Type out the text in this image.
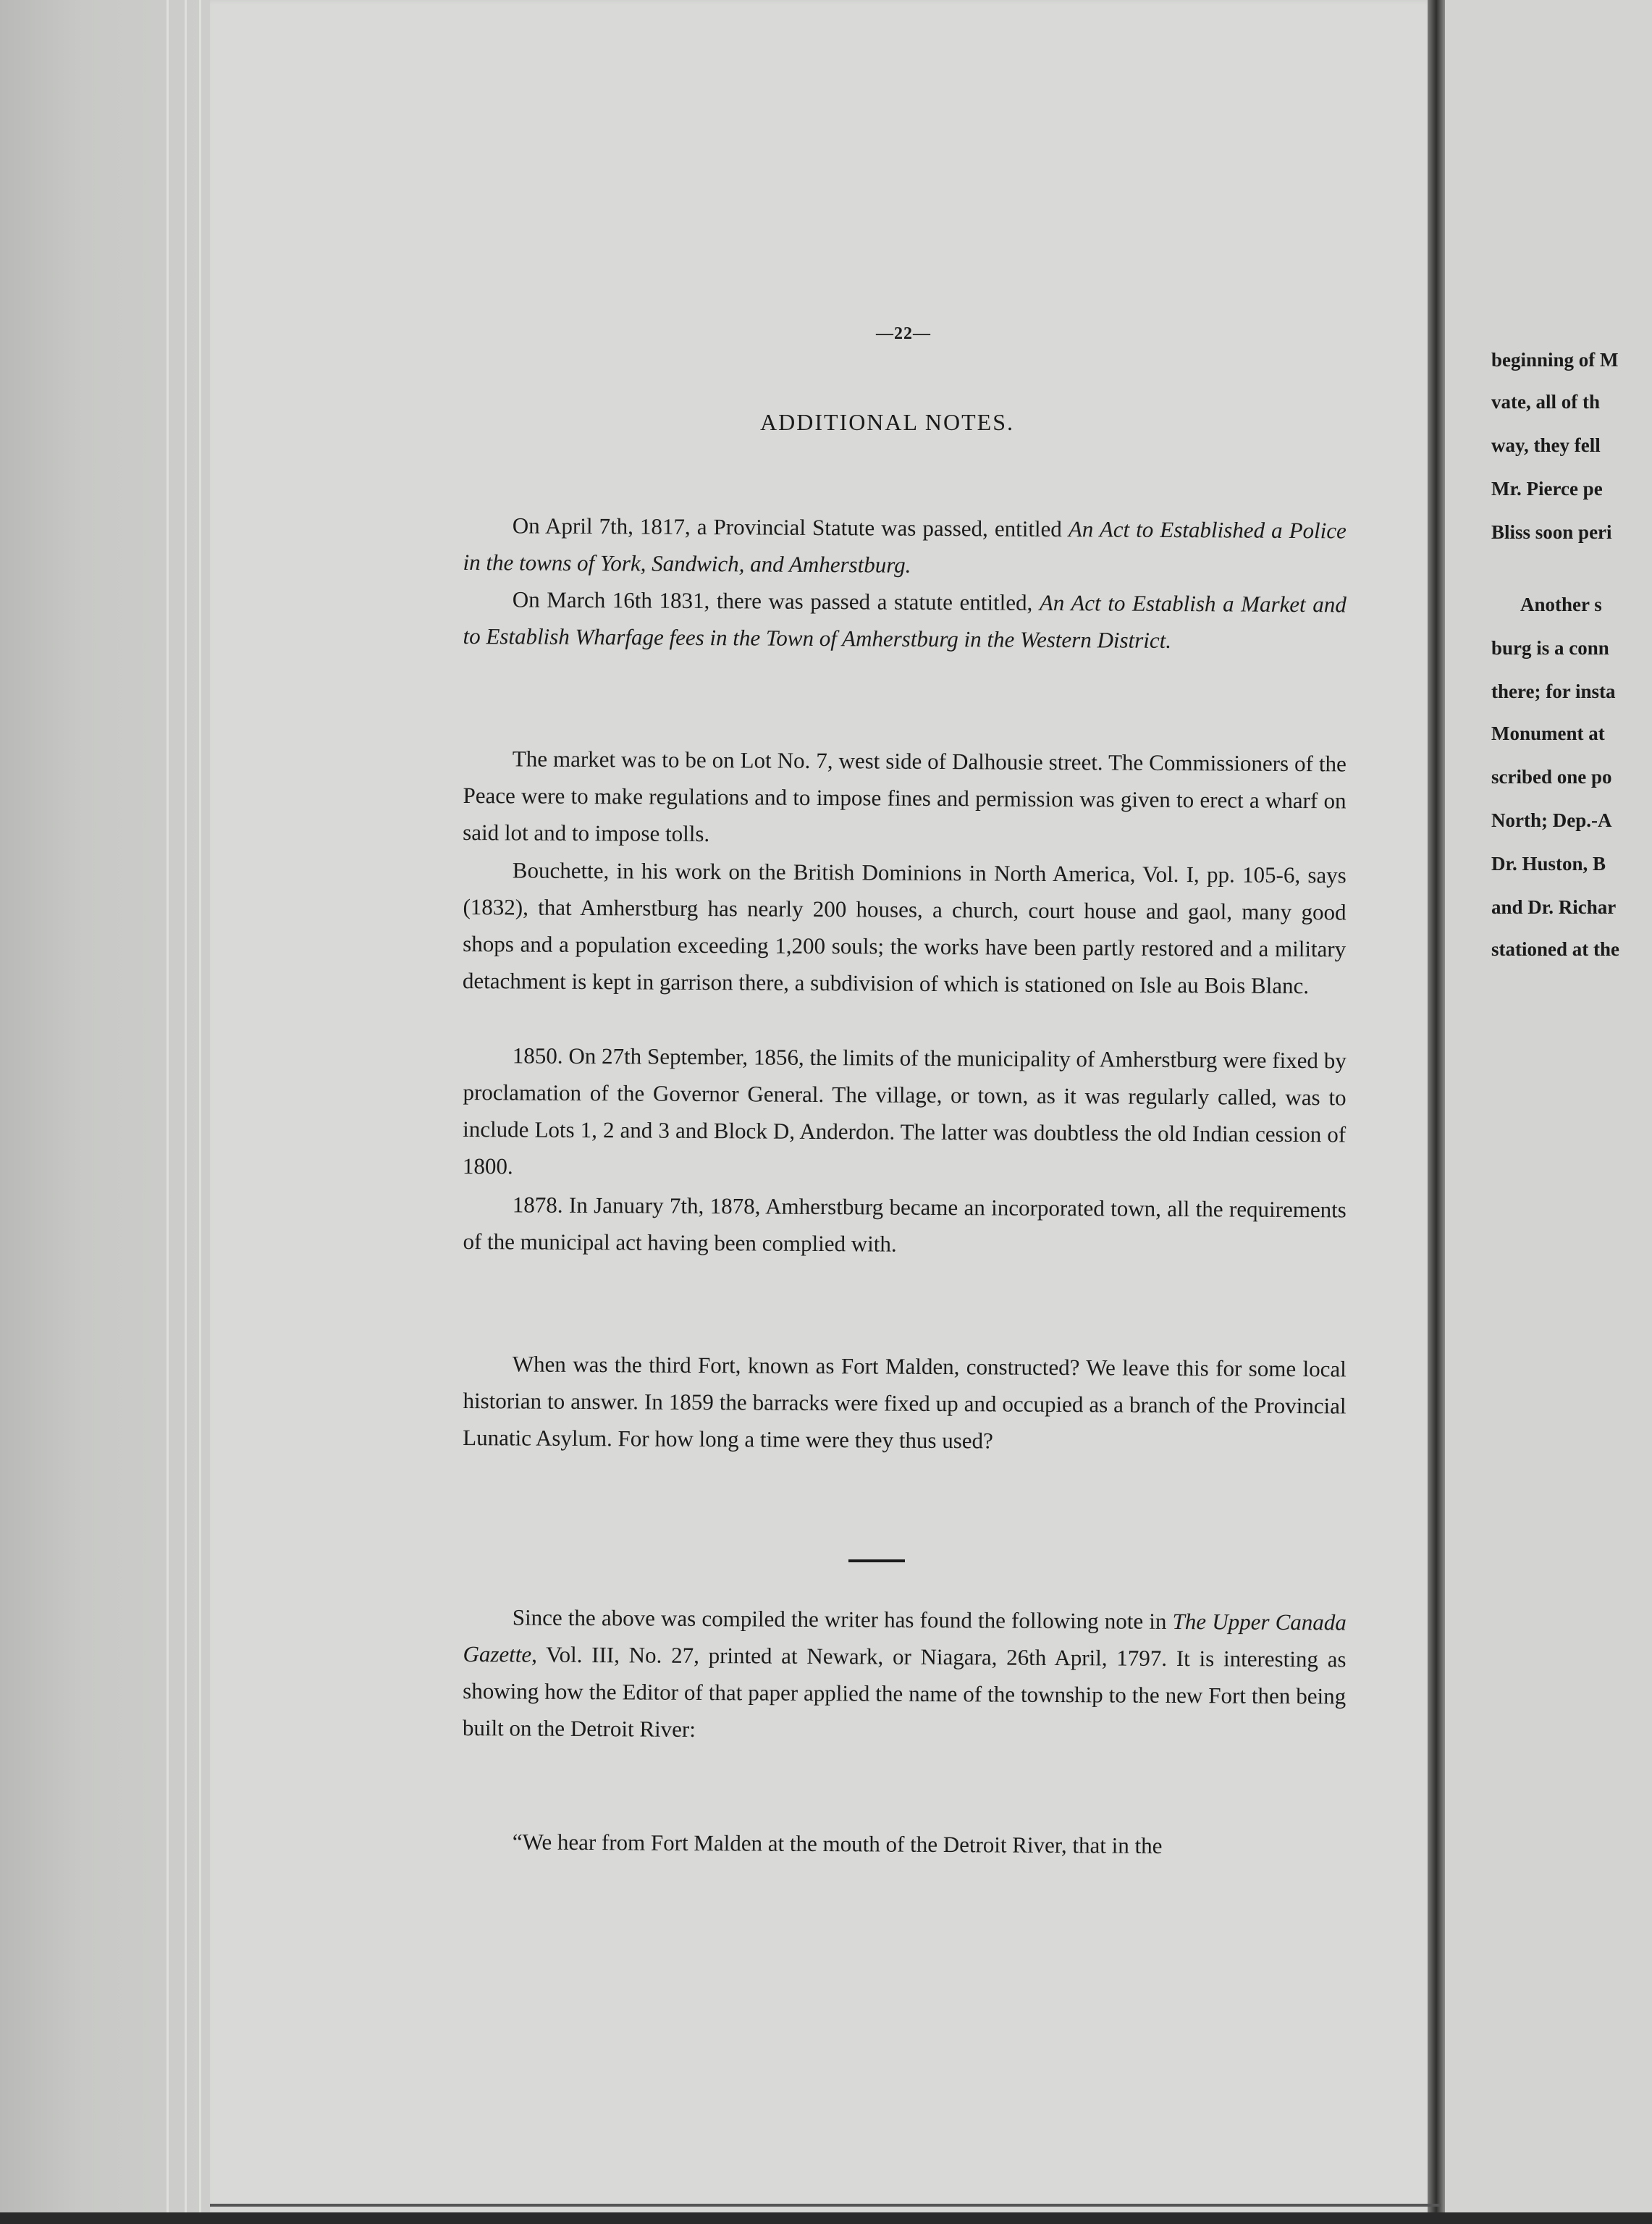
—22—
ADDITIONAL NOTES.
On April 7th, 1817, a Provincial Statute was passed, entitled An Act to Established a Police in the towns of York, Sandwich, and Amherstburg.
On March 16th 1831, there was passed a statute entitled, An Act to Establish a Market and to Establish Wharfage fees in the Town of Amherstburg in the Western District.
The market was to be on Lot No. 7, west side of Dalhousie street. The Commissioners of the Peace were to make regulations and to impose fines and permission was given to erect a wharf on said lot and to impose tolls.
Bouchette, in his work on the British Dominions in North America, Vol. I, pp. 105-6, says (1832), that Amherstburg has nearly 200 houses, a church, court house and gaol, many good shops and a population exceeding 1,200 souls; the works have been partly restored and a military detachment is kept in garrison there, a subdivision of which is stationed on Isle au Bois Blanc.
1850. On 27th September, 1856, the limits of the municipality of Amherstburg were fixed by proclamation of the Governor General. The village, or town, as it was regularly called, was to include Lots 1, 2 and 3 and Block D, Anderdon. The latter was doubtless the old Indian cession of 1800.
1878. In January 7th, 1878, Amherstburg became an incorporated town, all the requirements of the municipal act having been complied with.
When was the third Fort, known as Fort Malden, constructed? We leave this for some local historian to answer. In 1859 the barracks were fixed up and occupied as a branch of the Provincial Lunatic Asylum. For how long a time were they thus used?
Since the above was compiled the writer has found the following note in The Upper Canada Gazette, Vol. III, No. 27, printed at Newark, or Niagara, 26th April, 1797. It is interesting as showing how the Editor of that paper applied the name of the township to the new Fort then being built on the Detroit River:
“We hear from Fort Malden at the mouth of the Detroit River, that in the
beginning of M
vate, all of th
way, they fell
Mr. Pierce pe
Bliss soon peri
Another s
burg is a conn
there; for insta
Monument at
scribed one po
North; Dep.-A
Dr. Huston, B
and Dr. Richar
stationed at the
